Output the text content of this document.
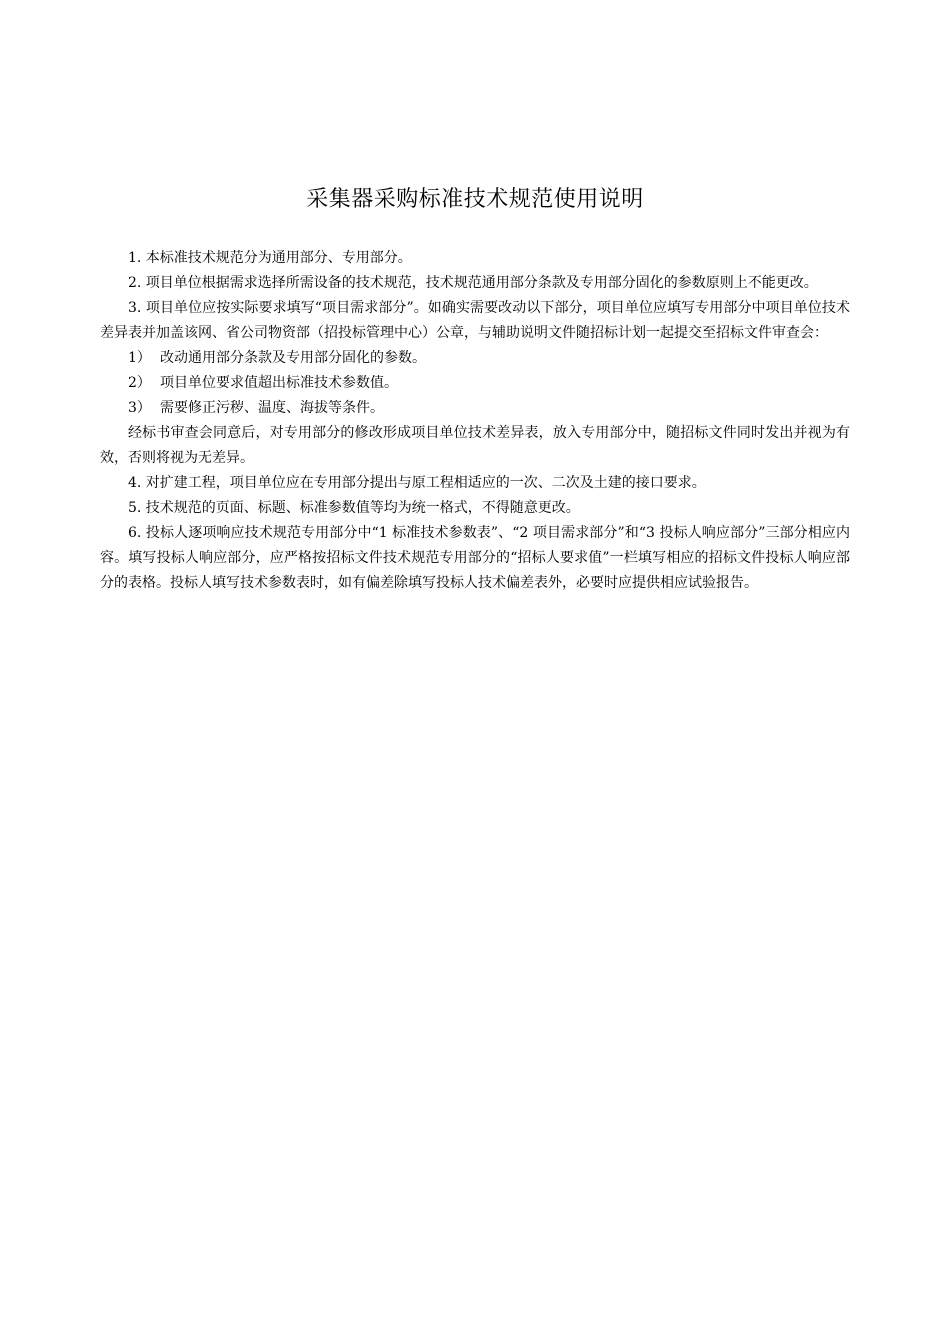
采集器采购标准技术规范使用说明

1. 本标准技术规范分为通用部分、专用部分。

2. 项目单位根据需求选择所需设备的技术规范，技术规范通用部分条款及专用部分固化的参数原则上不能更改。

3. 项目单位应按实际要求填写“项目需求部分”。如确实需要改动以下部分，项目单位应填写专用部分中项目单位技术差异表并加盖该网、省公司物资部（招投标管理中心）公章，与辅助说明文件随招标计划一起提交至招标文件审查会：

1） 改动通用部分条款及专用部分固化的参数。

2） 项目单位要求值超出标准技术参数值。

3） 需要修正污秽、温度、海拔等条件。

经标书审查会同意后，对专用部分的修改形成项目单位技术差异表，放入专用部分中，随招标文件同时发出并视为有效，否则将视为无差异。

4. 对扩建工程，项目单位应在专用部分提出与原工程相适应的一次、二次及土建的接口要求。

5. 技术规范的页面、标题、标准参数值等均为统一格式，不得随意更改。

6. 投标人逐项响应技术规范专用部分中“1 标准技术参数表”、“2 项目需求部分”和“3 投标人响应部分”三部分相应内容。填写投标人响应部分，应严格按招标文件技术规范专用部分的“招标人要求值”一栏填写相应的招标文件投标人响应部分的表格。投标人填写技术参数表时，如有偏差除填写投标人技术偏差表外，必要时应提供相应试验报告。
